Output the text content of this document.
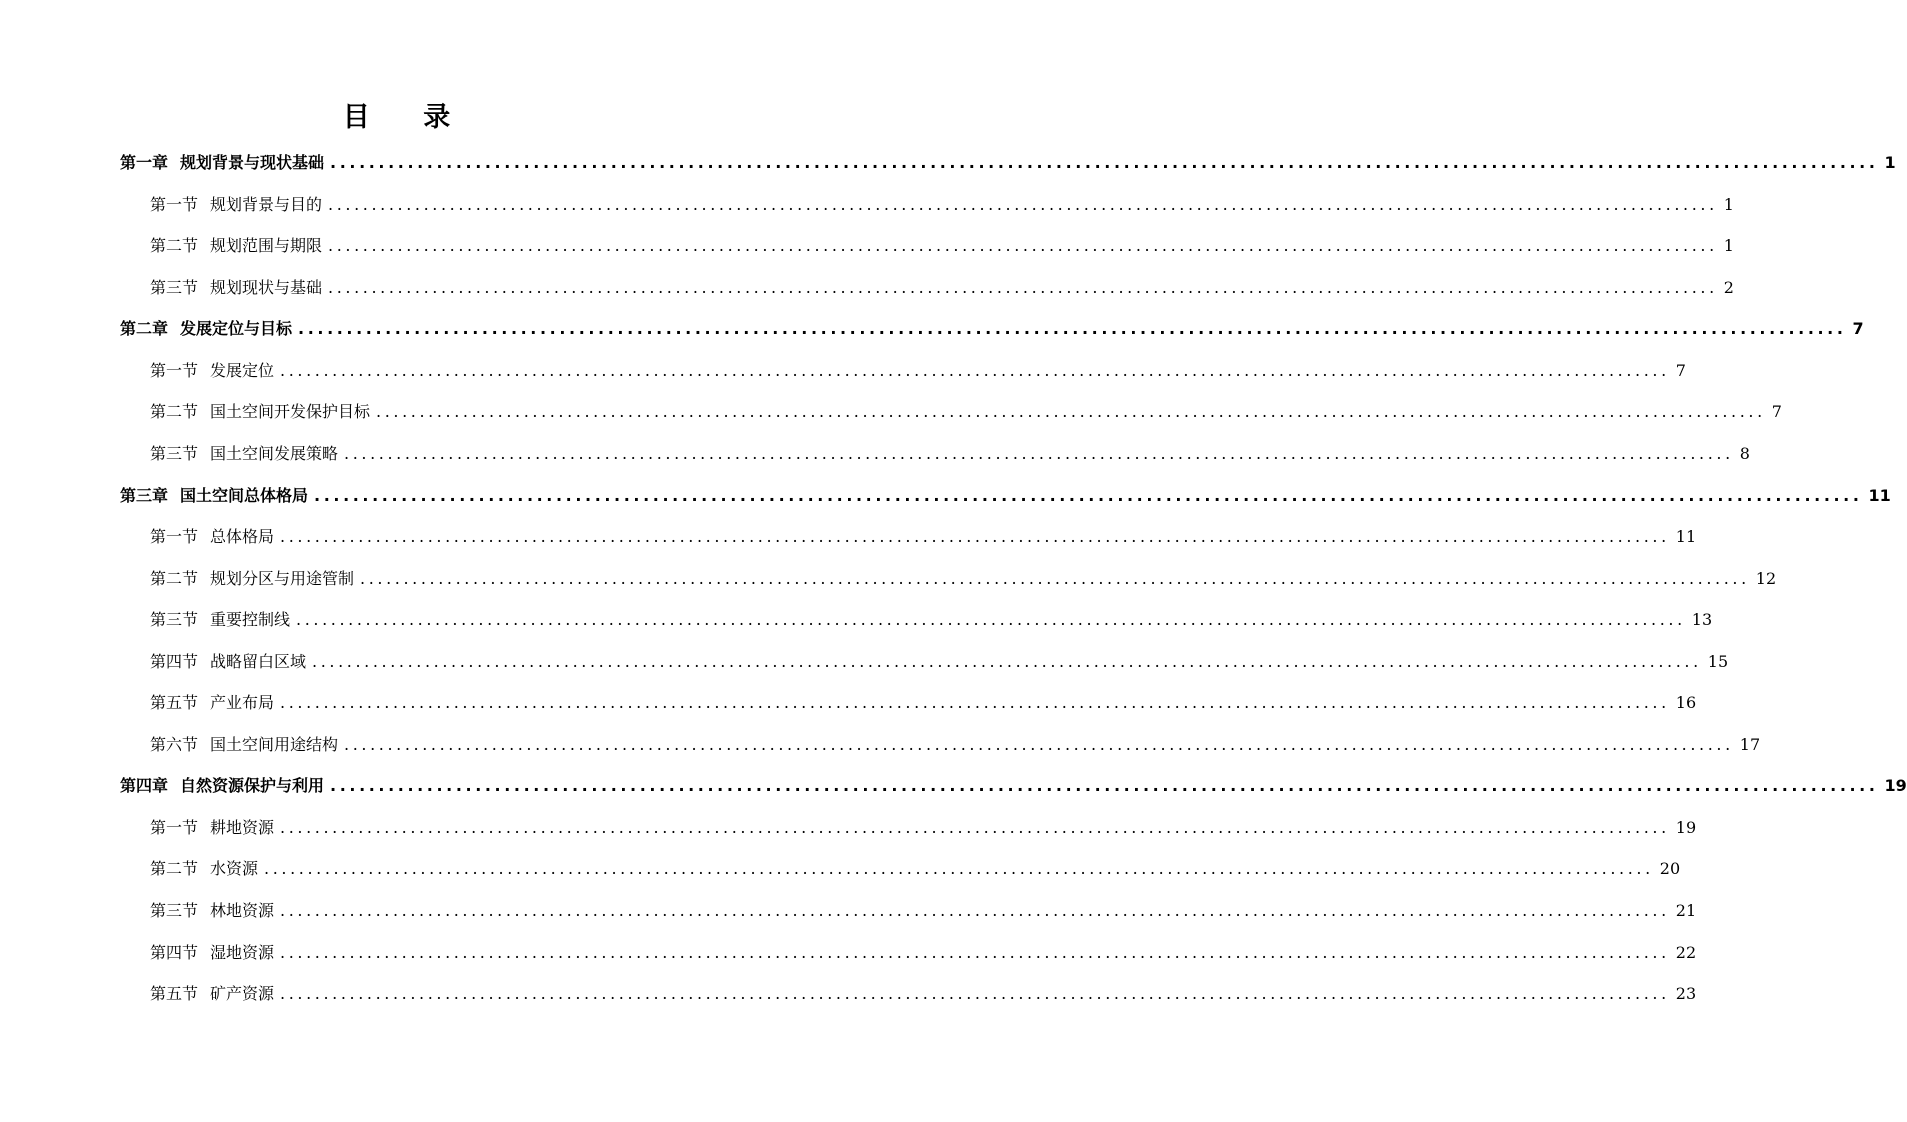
目 录
第一章 规划背景与现状基础 ................................................................................................................................................................ 1
第一节 规划背景与目的 ................................................................................................................................................................ 1
第二节 规划范围与期限 ................................................................................................................................................................ 1
第三节 规划现状与基础 ................................................................................................................................................................ 2
第二章 发展定位与目标 ................................................................................................................................................................ 7
第一节 发展定位 ................................................................................................................................................................ 7
第二节 国土空间开发保护目标 ................................................................................................................................................................ 7
第三节 国土空间发展策略 ................................................................................................................................................................ 8
第三章 国土空间总体格局 ................................................................................................................................................................ 11
第一节 总体格局 ................................................................................................................................................................ 11
第二节 规划分区与用途管制 ................................................................................................................................................................ 12
第三节 重要控制线 ................................................................................................................................................................ 13
第四节 战略留白区域 ................................................................................................................................................................ 15
第五节 产业布局 ................................................................................................................................................................ 16
第六节 国土空间用途结构 ................................................................................................................................................................ 17
第四章 自然资源保护与利用 ................................................................................................................................................................ 19
第一节 耕地资源 ................................................................................................................................................................ 19
第二节 水资源 ................................................................................................................................................................ 20
第三节 林地资源 ................................................................................................................................................................ 21
第四节 湿地资源 ................................................................................................................................................................ 22
第五节 矿产资源 ................................................................................................................................................................ 23
